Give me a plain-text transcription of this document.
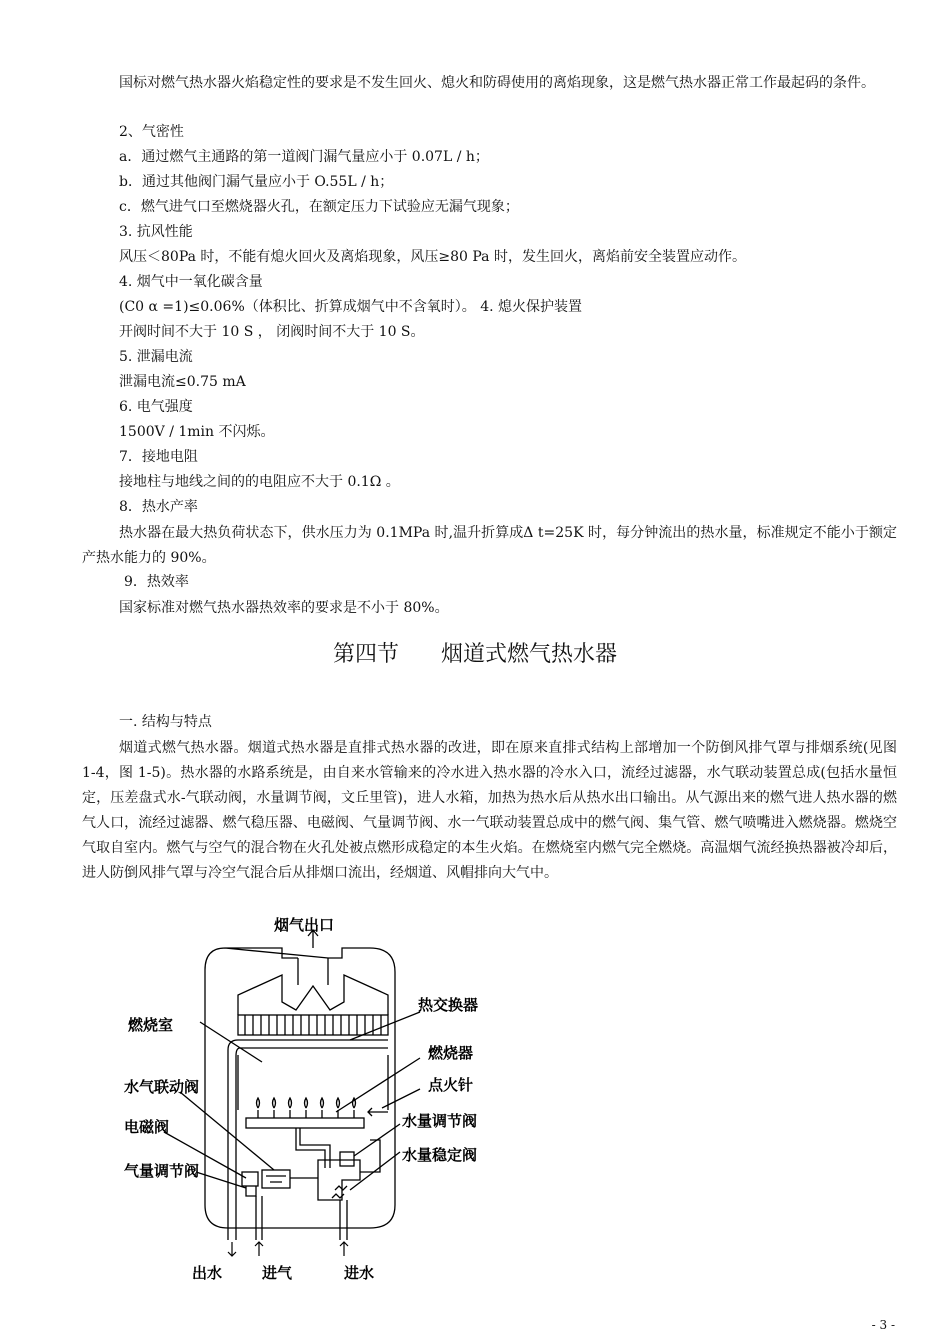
国标对燃气热水器火焰稳定性的要求是不发生回火、熄火和防碍使用的离焰现象，这是燃气热水器正常工作最起码的条件。
2、气密性
a．通过燃气主通路的第一道阀门漏气量应小于 0.07L / h；
b．通过其他阀门漏气量应小于 O.55L / h；
c．燃气进气口至燃烧器火孔，在额定压力下试验应无漏气现象；
3. 抗风性能
风压＜80Pa 时，不能有熄火回火及离焰现象，风压≥80 Pa 时，发生回火，离焰前安全装置应动作。
4. 烟气中一氧化碳含量
(C0 α =1)≤0.06%（体积比、折算成烟气中不含氧时）。 4. 熄火保护装置
开阀时间不大于 10 S ， 闭阀时间不大于 10 S。
5. 泄漏电流
泄漏电流≤0.75 mA
6. 电气强度
1500V / 1min 不闪烁。
7．接地电阻
接地柱与地线之间的的电阻应不大于 0.1Ω 。
8．热水产率
热水器在最大热负荷状态下，供水压力为 0.1MPa 时,温升折算成Δ t=25K 时，每分钟流出的热水量，标准规定不能小于额定产热水能力的 90%。
9．热效率
国家标准对燃气热水器热效率的要求是不小于 80%。
第四节 烟道式燃气热水器
一. 结构与特点
烟道式燃气热水器。烟道式热水器是直排式热水器的改进，即在原来直排式结构上部增加一个防倒风排气罩与排烟系统(见图 1-4，图 1-5)。热水器的水路系统是，由自来水管输来的冷水进入热水器的冷水入口，流经过滤器，水气联动装置总成(包括水量恒定，压差盘式水-气联动阀，水量调节阀，文丘里管)，进人水箱，加热为热水后从热水出口输出。从气源出来的燃气进人热水器的燃气人口，流经过滤器、燃气稳压器、电磁阀、气量调节阀、水一气联动装置总成中的燃气阀、集气管、燃气喷嘴进入燃烧器。燃烧空气取自室内。燃气与空气的混合物在火孔处被点燃形成稳定的本生火焰。在燃烧室内燃气完全燃烧。高温烟气流经换热器被冷却后，进人防倒风排气罩与冷空气混合后从排烟口流出，经烟道、风帽排向大气中。
烟气出口
热交换器
燃烧室
燃烧器
点火针
水气联动阀
水量调节阀
电磁阀
水量稳定阀
气量调节阀
出水	进气	进水
- 3 -
